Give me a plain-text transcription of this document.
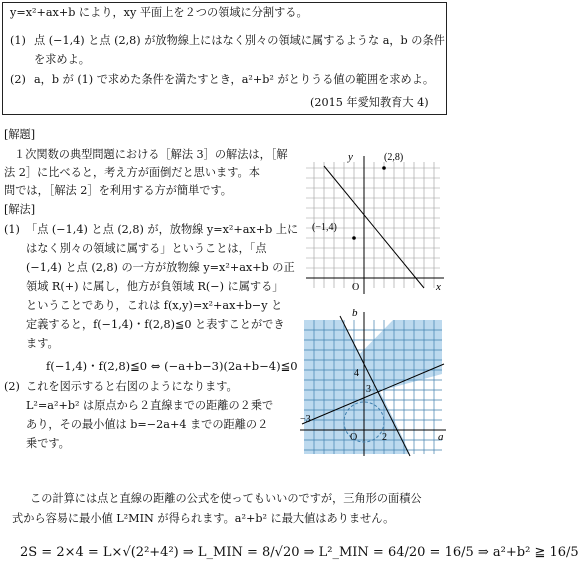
y=x²+ax+b により，xy 平面上を２つの領域に分割する。
(1) 点 (−1,4) と点 (2,8) が放物線上にはなく別々の領域に属するような a，b の条件
を求めよ。
(2) a，b が (1) で求めた条件を満たすとき，a²+b² がとりうる値の範囲を求めよ。
(2015 年愛知教育大 4)
[解題]
１次関数の典型問題における［解法 3］の解法は，［解
法 2］に比べると，考え方が面倒だと思います。本
問では，［解法 2］を利用する方が簡単です。
[解法]
(1) 「点 (−1,4) と点 (2,8) が，放物線 y=x²+ax+b 上に
はなく別々の領域に属する」ということは，「点
(−1,4) と点 (2,8) の一方が放物線 y=x²+ax+b の正
領域 R(+) に属し，他方が負領域 R(−) に属する」
ということであり，これは f(x,y)=x²+ax+b−y と
定義すると，f(−1,4)・f(2,8)≦0 と表すことができ
ます。
f(−1,4)・f(2,8)≦0 ⇔ (−a+b−3)(2a+b−4)≦0
(2) これを図示すると右図のようになります。
L²=a²+b² は原点から２直線までの距離の２乗で
あり，その最小値は b=−2a+4 までの距離の２
乗です。
この計算には点と直線の距離の公式を使ってもいいのですが，三角形の面積公
式から容易に最小値 L²MIN が得られます。a²+b² に最大値はありません。
2S = 2×4 = L×√(2²+4²) ⇒ L_MIN = 8/√20 ⇒ L²_MIN = 64/20 = 16/5 ⇒ a²+b² ≧ 16/5
y
x
O
(−1,4)
(2,8)
b
a
O
4
3
−3
2
